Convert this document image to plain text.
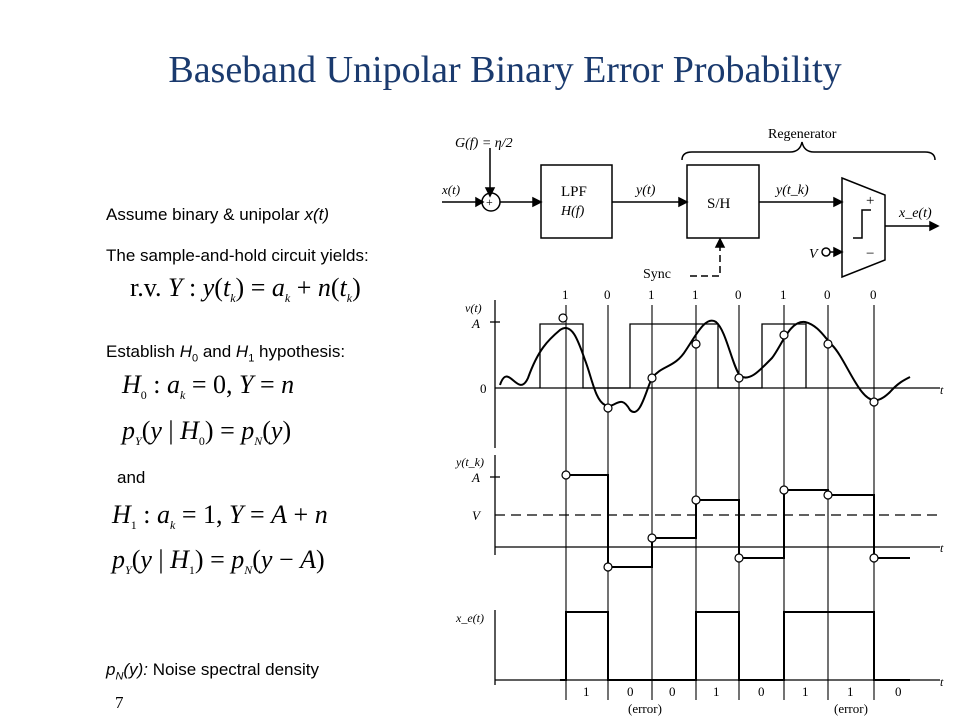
Baseband Unipolar Binary Error Probability
Assume binary & unipolar x(t)
The sample-and-hold circuit yields:
r.v. Y : $y(t_k) = a_k + n(t_k)$
Establish $H_0$ and $H_1$ hypothesis:
$H_0$ : $a_k = 0$, Y = n
$p_Y(y$ | $H_0) = p_N(y)$
and
$H_1$ : $a_k = 1$, Y = A + n
$p_Y(y$ | $H_1) = p_N(y - A)$
$p_N(y)$: Noise spectral density
7
G(f) = η/2
x(t)
+
LPF
H(f)
y(t)
S/H
y(t_k)
+
−
V
x_e(t)
Sync
Regenerator
v(t)
A
0	t
y(t_k)
A
V
t
x_e(t)
t
1	0	1	1	0	1	0	0
1	0	0	1	0	1	1	0
(error)	(error)
